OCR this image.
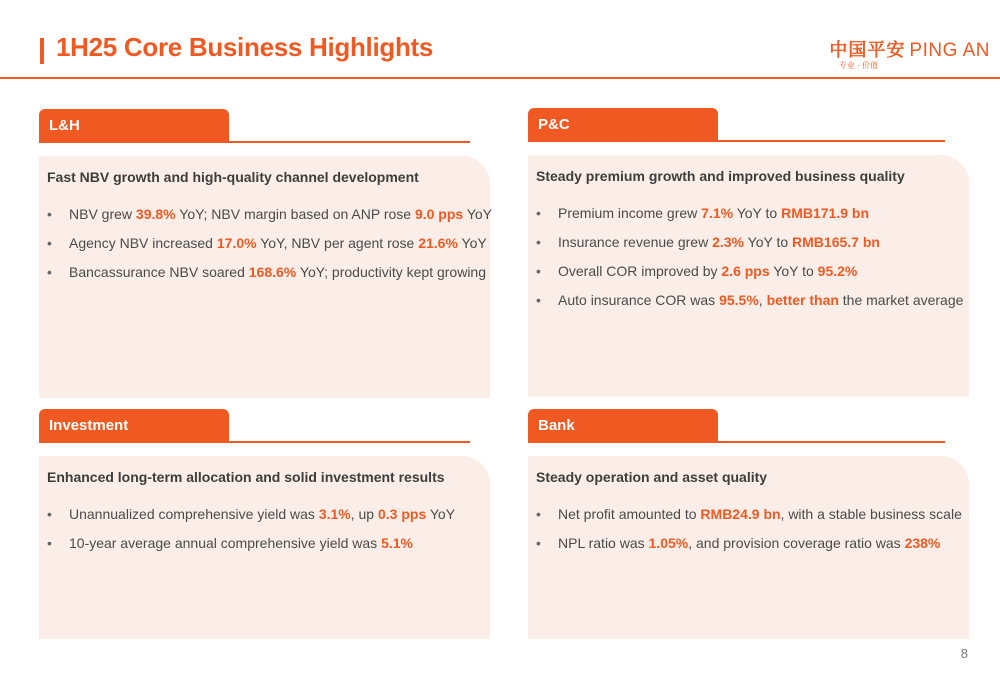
1H25 Core Business Highlights	中国平安 PING AN
专业 · 价值
L&H
Fast NBV growth and high-quality channel development
• NBV grew 39.8% YoY; NBV margin based on ANP rose 9.0 pps YoY
• Agency NBV increased 17.0% YoY, NBV per agent rose 21.6% YoY
• Bancassurance NBV soared 168.6% YoY; productivity kept growing
P&C
Steady premium growth and improved business quality
• Premium income grew 7.1% YoY to RMB171.9 bn
• Insurance revenue grew 2.3% YoY to RMB165.7 bn
• Overall COR improved by 2.6 pps YoY to 95.2%
• Auto insurance COR was 95.5%, better than the market average
Investment
Enhanced long-term allocation and solid investment results
• Unannualized comprehensive yield was 3.1%, up 0.3 pps YoY
• 10-year average annual comprehensive yield was 5.1%
Bank
Steady operation and asset quality
• Net profit amounted to RMB24.9 bn, with a stable business scale
• NPL ratio was 1.05%, and provision coverage ratio was 238%
8
